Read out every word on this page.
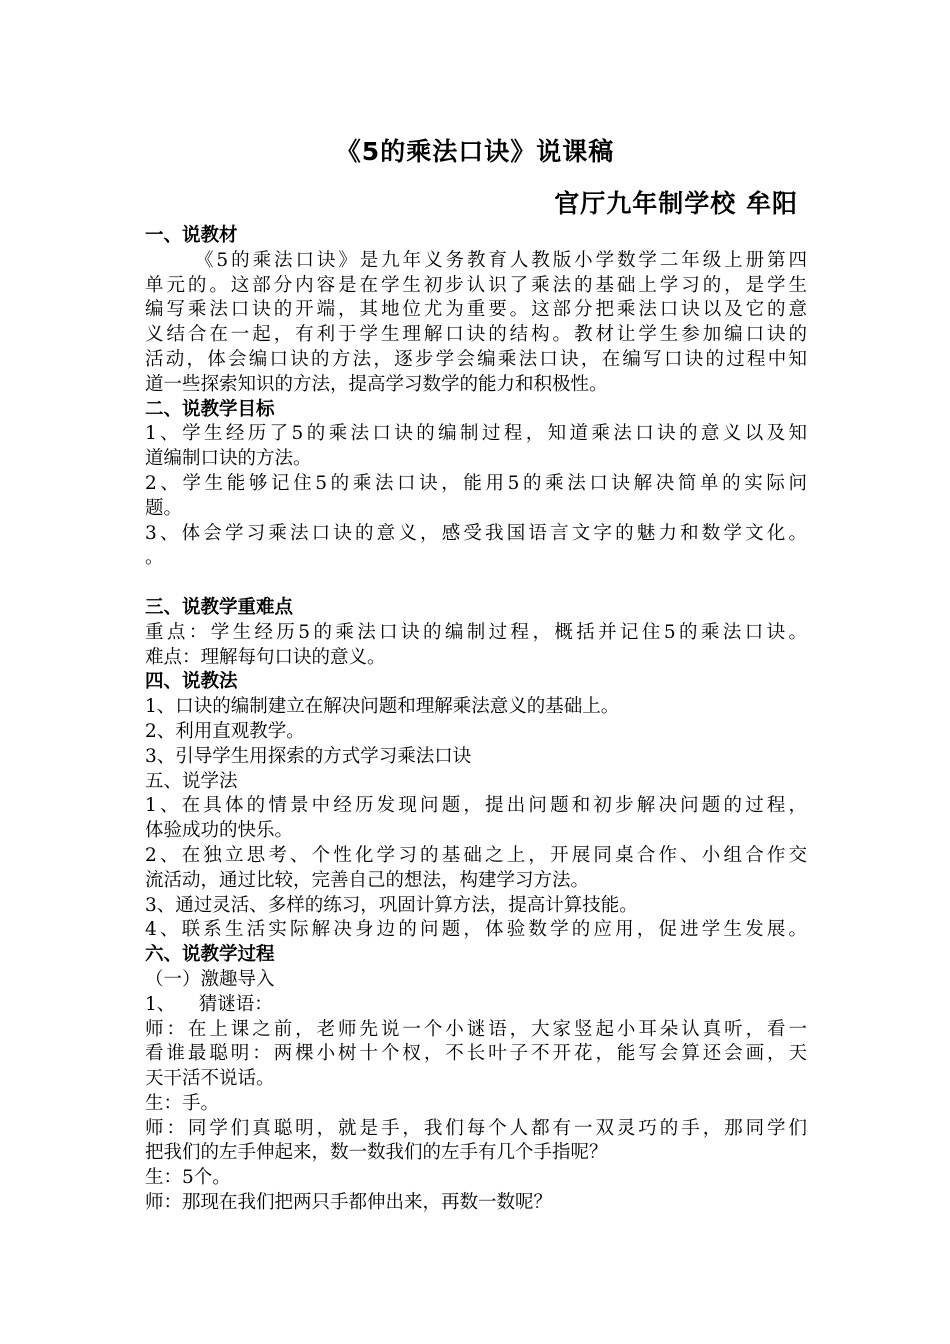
《5的乘法口诀》说课稿
官厅九年制学校 牟阳
一、说教材
《5的乘法口诀》是九年义务教育人教版小学数学二年级上册第四
单元的。这部分内容是在学生初步认识了乘法的基础上学习的，是学生
编写乘法口诀的开端，其地位尤为重要。这部分把乘法口诀以及它的意
义结合在一起，有利于学生理解口诀的结构。教材让学生参加编口诀的
活动，体会编口诀的方法，逐步学会编乘法口诀，在编写口诀的过程中知
道一些探索知识的方法，提高学习数学的能力和积极性。
二、说教学目标
1、学生经历了5的乘法口诀的编制过程，知道乘法口诀的意义以及知
道编制口诀的方法。
2、学生能够记住5的乘法口诀，能用5的乘法口诀解决简单的实际问
题。
3、体会学习乘法口诀的意义，感受我国语言文字的魅力和数学文化。
。
三、说教学重难点
重点：学生经历5的乘法口诀的编制过程，概括并记住5的乘法口诀。
难点：理解每句口诀的意义。
四、说教法
1、口诀的编制建立在解决问题和理解乘法意义的基础上。
2、利用直观教学。
3、引导学生用探索的方式学习乘法口诀
五、说学法
1、在具体的情景中经历发现问题，提出问题和初步解决问题的过程，
体验成功的快乐。
2、在独立思考、个性化学习的基础之上，开展同桌合作、小组合作交
流活动，通过比较，完善自己的想法，构建学习方法。
3、通过灵活、多样的练习，巩固计算方法，提高计算技能。
4、联系生活实际解决身边的问题，体验数学的应用，促进学生发展。
六、说教学过程
（一）激趣导入
1、    猜谜语：
师：在上课之前，老师先说一个小谜语，大家竖起小耳朵认真听，看一
看谁最聪明：两棵小树十个杈，不长叶子不开花，能写会算还会画，天
天干活不说话。
生：手。
师：同学们真聪明，就是手，我们每个人都有一双灵巧的手，那同学们
把我们的左手伸起来，数一数我们的左手有几个手指呢？
生：5个。
师：那现在我们把两只手都伸出来，再数一数呢？
